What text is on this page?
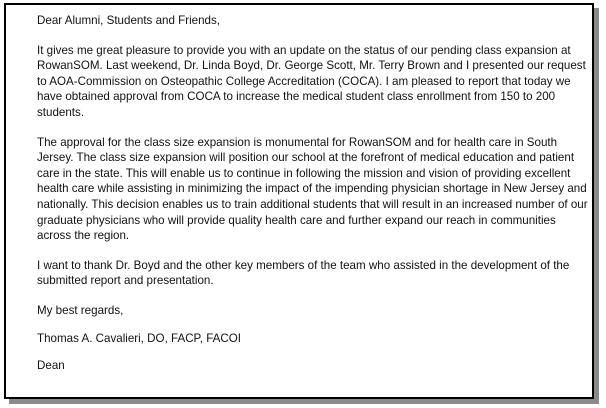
Dear Alumni, Students and Friends,

It gives me great pleasure to provide you with an update on the status of our pending class expansion at RowanSOM. Last weekend, Dr. Linda Boyd, Dr. George Scott, Mr. Terry Brown and I presented our request to AOA-Commission on Osteopathic College Accreditation (COCA). I am pleased to report that today we have obtained approval from COCA to increase the medical student class enrollment from 150 to 200 students.

The approval for the class size expansion is monumental for RowanSOM and for health care in South Jersey. The class size expansion will position our school at the forefront of medical education and patient care in the state. This will enable us to continue in following the mission and vision of providing excellent health care while assisting in minimizing the impact of the impending physician shortage in New Jersey and nationally. This decision enables us to train additional students that will result in an increased number of our graduate physicians who will provide quality health care and further expand our reach in communities across the region.

I want to thank Dr. Boyd and the other key members of the team who assisted in the development of the submitted report and presentation.

My best regards,

Thomas A. Cavalieri, DO, FACP, FACOI

Dean
